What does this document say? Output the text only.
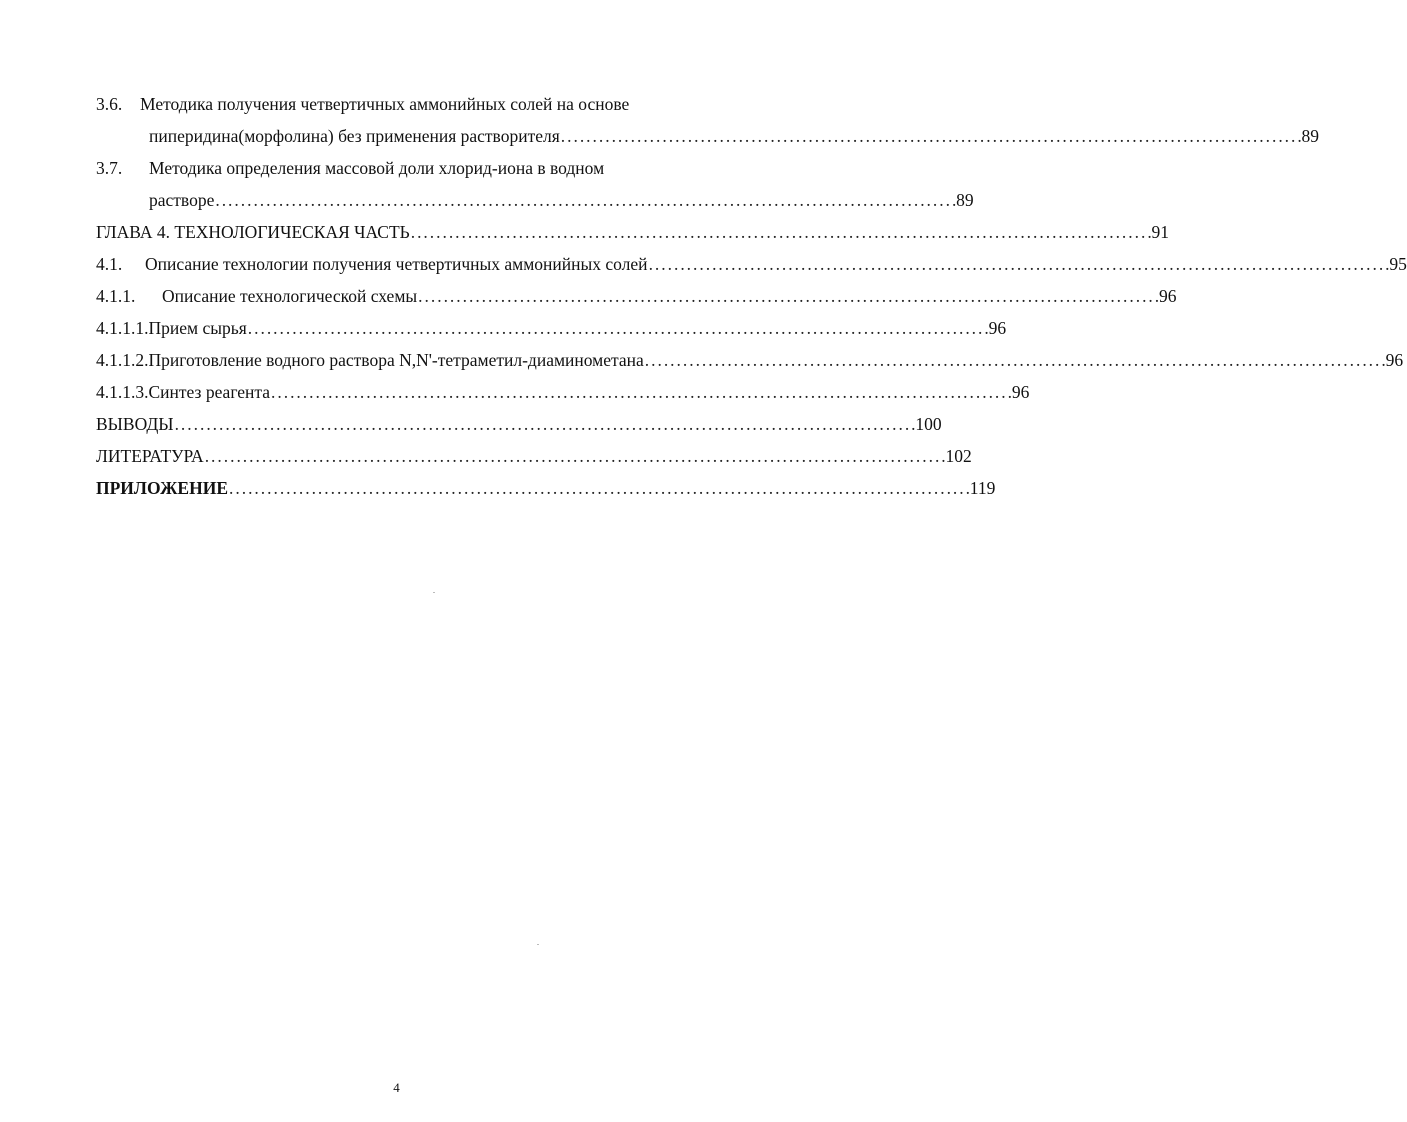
3.6.	Методика получения четвертичных аммонийных солей на основе
пиперидина(морфолина) без применения растворителя . . .	89
3.7.	Методика определения массовой доли хлорид-иона в водном
растворе . . .	89
ГЛАВА 4. ТЕХНОЛОГИЧЕСКАЯ ЧАСТЬ . . .	91
4.1.	Описание технологии получения четвертичных аммонийных солей . . .	95
4.1.1.	Описание технологической схемы . . .	96
4.1.1.1.Прием сырья . . .	96
4.1.1.2.Приготовление водного раствора N,N'-тетраметил-диаминометана . . .	96
4.1.1.3.Синтез реагента . . .	96
ВЫВОДЫ . . .	100
ЛИТЕРАТУРА . . .	102
ПРИЛОЖЕНИЕ . . .	119
4
